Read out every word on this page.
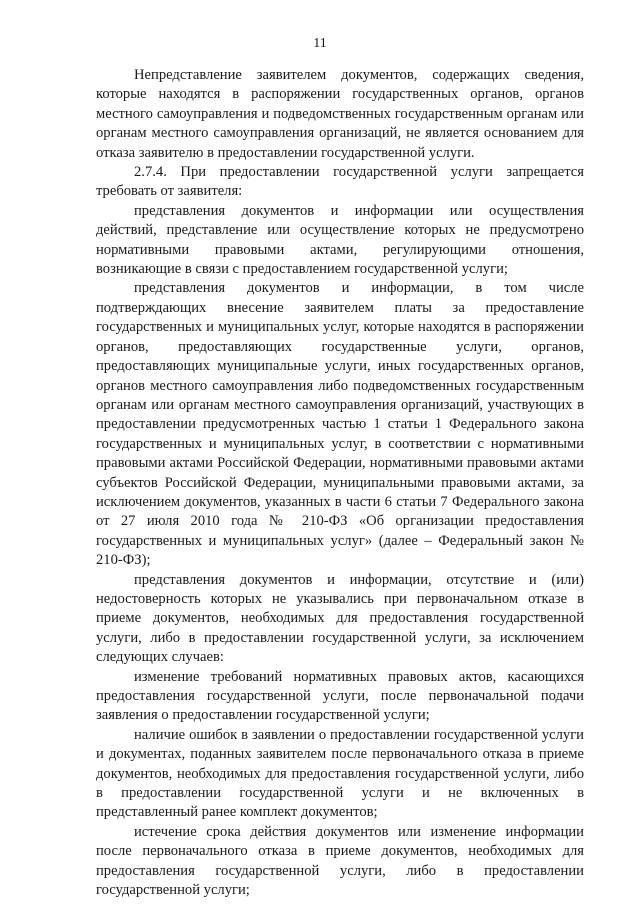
11

Непредставление заявителем документов, содержащих сведения, которые находятся в распоряжении государственных органов, органов местного самоуправления и подведомственных государственным органам или органам местного самоуправления организаций, не является основанием для отказа заявителю в предоставлении государственной услуги.

2.7.4. При предоставлении государственной услуги запрещается требовать от заявителя:

представления документов и информации или осуществления действий, представление или осуществление которых не предусмотрено нормативными правовыми актами, регулирующими отношения, возникающие в связи с предоставлением государственной услуги;

представления документов и информации, в том числе подтверждающих внесение заявителем платы за предоставление государственных и муниципальных услуг, которые находятся в распоряжении органов, предоставляющих государственные услуги, органов, предоставляющих муниципальные услуги, иных государственных органов, органов местного самоуправления либо подведомственных государственным органам или органам местного самоуправления организаций, участвующих в предоставлении предусмотренных частью 1 статьи 1 Федерального закона государственных и муниципальных услуг, в соответствии с нормативными правовыми актами Российской Федерации, нормативными правовыми актами субъектов Российской Федерации, муниципальными правовыми актами, за исключением документов, указанных в части 6 статьи 7 Федерального закона от 27 июля 2010 года № 210-ФЗ «Об организации предоставления государственных и муниципальных услуг» (далее – Федеральный закон № 210-ФЗ);

представления документов и информации, отсутствие и (или) недостоверность которых не указывались при первоначальном отказе в приеме документов, необходимых для предоставления государственной услуги, либо в предоставлении государственной услуги, за исключением следующих случаев:

изменение требований нормативных правовых актов, касающихся предоставления государственной услуги, после первоначальной подачи заявления о предоставлении государственной услуги;

наличие ошибок в заявлении о предоставлении государственной услуги и документах, поданных заявителем после первоначального отказа в приеме документов, необходимых для предоставления государственной услуги, либо в предоставлении государственной услуги и не включенных в представленный ранее комплект документов;

истечение срока действия документов или изменение информации после первоначального отказа в приеме документов, необходимых для предоставления государственной услуги, либо в предоставлении государственной услуги;
